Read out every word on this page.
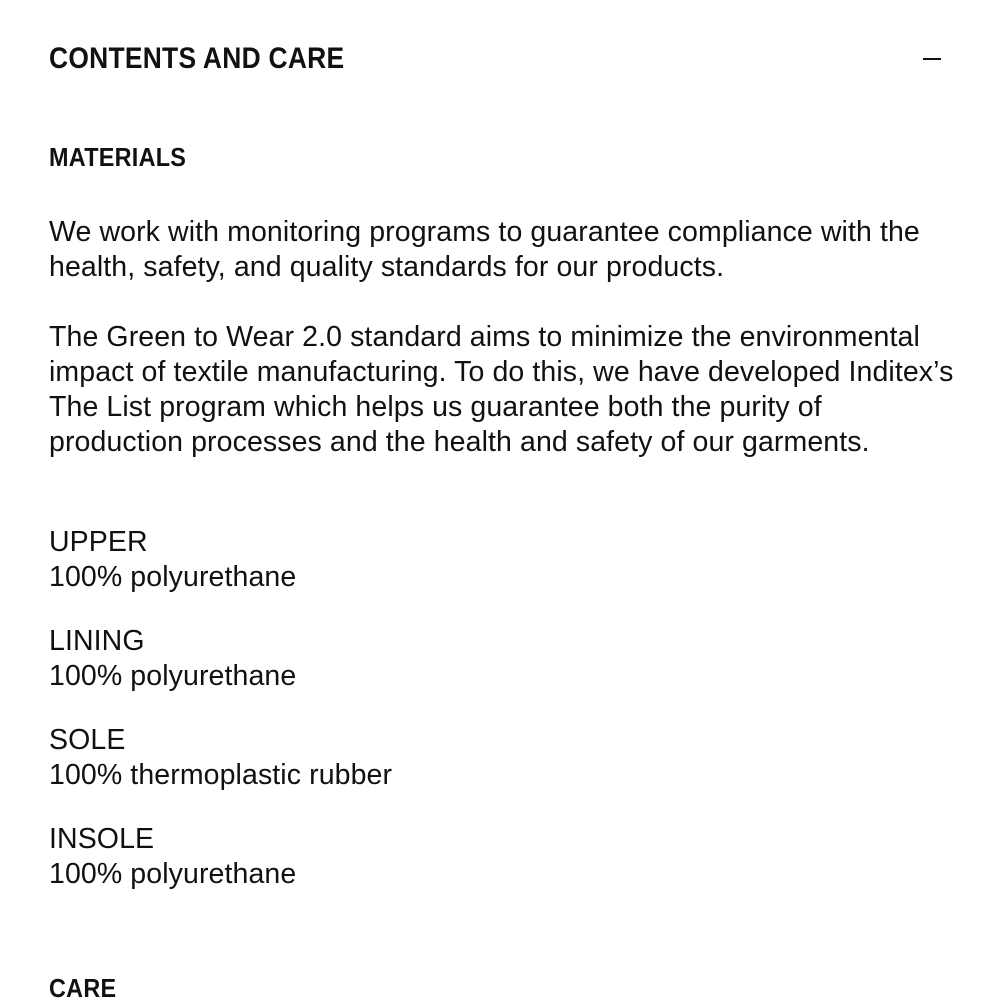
CONTENTS AND CARE
MATERIALS

We work with monitoring programs to guarantee compliance with the health, safety, and quality standards for our products.

The Green to Wear 2.0 standard aims to minimize the environmental impact of textile manufacturing. To do this, we have developed Inditex’s The List program which helps us guarantee both the purity of production processes and the health and safety of our garments.

UPPER
100% polyurethane
LINING
100% polyurethane
SOLE
100% thermoplastic rubber
INSOLE
100% polyurethane
CARE
